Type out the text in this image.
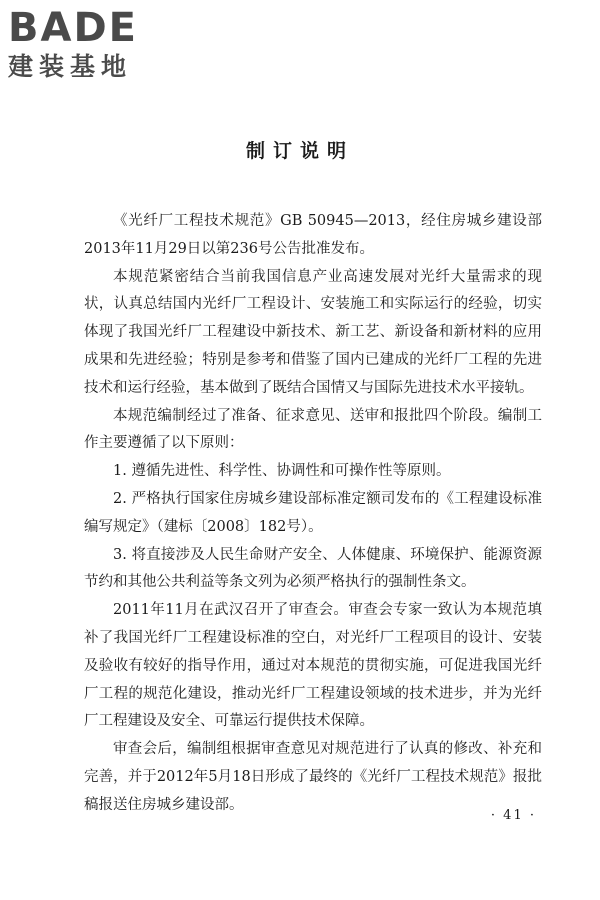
BADE
建装基地
制订说明

《光纤厂工程技术规范》GB 50945—2013，经住房城乡建设部2013年11月29日以第236号公告批准发布。

本规范紧密结合当前我国信息产业高速发展对光纤大量需求的现状，认真总结国内光纤厂工程设计、安装施工和实际运行的经验，切实体现了我国光纤厂工程建设中新技术、新工艺、新设备和新材料的应用成果和先进经验；特别是参考和借鉴了国内已建成的光纤厂工程的先进技术和运行经验，基本做到了既结合国情又与国际先进技术水平接轨。

本规范编制经过了准备、征求意见、送审和报批四个阶段。编制工作主要遵循了以下原则：

1. 遵循先进性、科学性、协调性和可操作性等原则。

2. 严格执行国家住房城乡建设部标准定额司发布的《工程建设标准编写规定》（建标〔2008〕182号）。

3. 将直接涉及人民生命财产安全、人体健康、环境保护、能源资源节约和其他公共利益等条文列为必须严格执行的强制性条文。

2011年11月在武汉召开了审查会。审查会专家一致认为本规范填补了我国光纤厂工程建设标准的空白，对光纤厂工程项目的设计、安装及验收有较好的指导作用，通过对本规范的贯彻实施，可促进我国光纤厂工程的规范化建设，推动光纤厂工程建设领域的技术进步，并为光纤厂工程建设及安全、可靠运行提供技术保障。

审查会后，编制组根据审查意见对规范进行了认真的修改、补充和完善，并于2012年5月18日形成了最终的《光纤厂工程技术规范》报批稿报送住房城乡建设部。

· 41 ·
